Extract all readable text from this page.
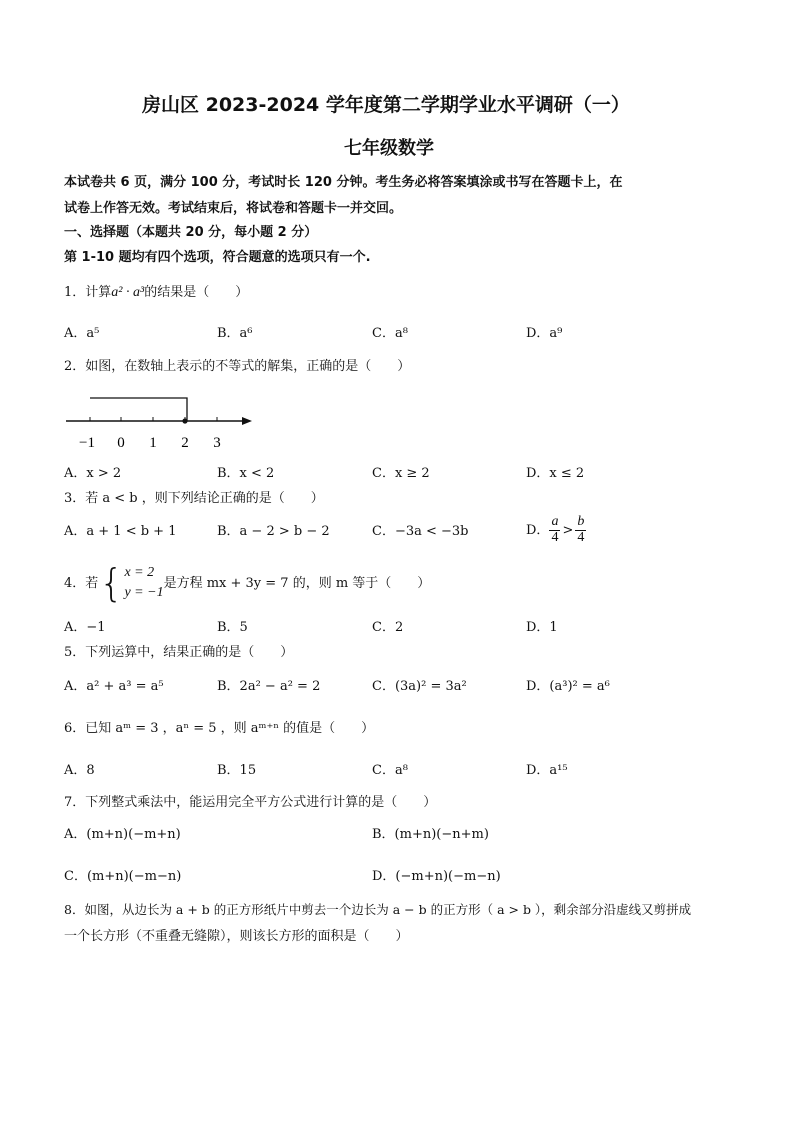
房山区 2023-2024 学年度第二学期学业水平调研（一）
七年级数学
本试卷共 6 页，满分 100 分，考试时长 120 分钟。考生务必将答案填涂或书写在答题卡上，在
试卷上作答无效。考试结束后，将试卷和答题卡一并交回。
一、选择题（本题共 20 分，每小题 2 分）
第 1-10 题均有四个选项，符合题意的选项只有一个.
1．计算a² · a³的结果是（　　）
A．a⁵	B．a⁶	C．a⁸	D．a⁹
2．如图，在数轴上表示的不等式的解集，正确的是（　　）
−1 0 1 2 3
A．x > 2	B．x < 2	C．x ≥ 2	D．x ≤ 2
3．若 a < b ，则下列结论正确的是（　　）
A．a + 1 < b + 1	B．a − 2 > b − 2	C．−3a < −3b	D． $\frac{a}{4} > \frac{b}{4}$
4．若 { x = 2
y = −1
是方程 mx + 3y = 7 的，则 m 等于（　　）
A．−1	B．5	C．2	D．1
5．下列运算中，结果正确的是（　　）
A．a² + a³ = a⁵	B．2a² − a² = 2	C．(3a)² = 3a²	D．(a³)² = a⁶
6．已知 aᵐ = 3 ，aⁿ = 5 ，则 aᵐ⁺ⁿ 的值是（　　）
A．8	B．15	C．a⁸	D．a¹⁵
7．下列整式乘法中，能运用完全平方公式进行计算的是（　　）
A．(m+n)(−m+n)	B．(m+n)(−n+m)
C．(m+n)(−m−n)	D．(−m+n)(−m−n)
8．如图，从边长为 a + b 的正方形纸片中剪去一个边长为 a − b 的正方形（ a > b ），剩余部分沿虚线又剪拼成
一个长方形（不重叠无缝隙），则该长方形的面积是（　　）
